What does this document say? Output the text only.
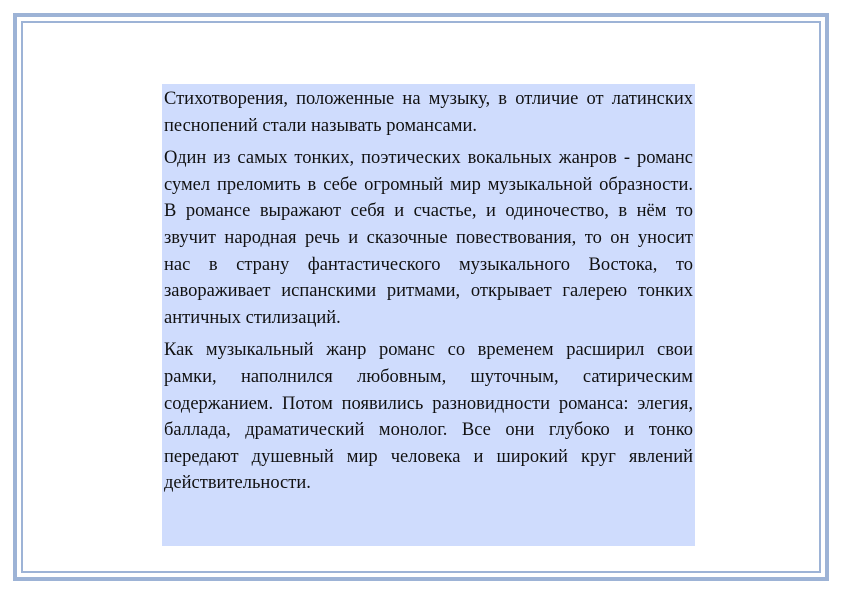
Стихотворения, положенные на музыку, в отличие от латинских песнопений стали называть романсами.

Один из самых тонких, поэтических вокальных жанров - романс сумел преломить в себе огромный мир музыкальной образности. В романсе выражают себя и счастье, и одиночество, в нём то звучит народная речь и сказочные повествования, то он уносит нас в страну фантастического музыкального Востока, то завораживает испанскими ритмами, открывает галерею тонких античных стилизаций.

Как музыкальный жанр романс со временем расширил свои рамки, наполнился любовным, шуточным, сатирическим содержанием. Потом появились разновидности романса: элегия, баллада, драматический монолог. Все они глубоко и тонко передают душевный мир человека и широкий круг явлений действительности.
